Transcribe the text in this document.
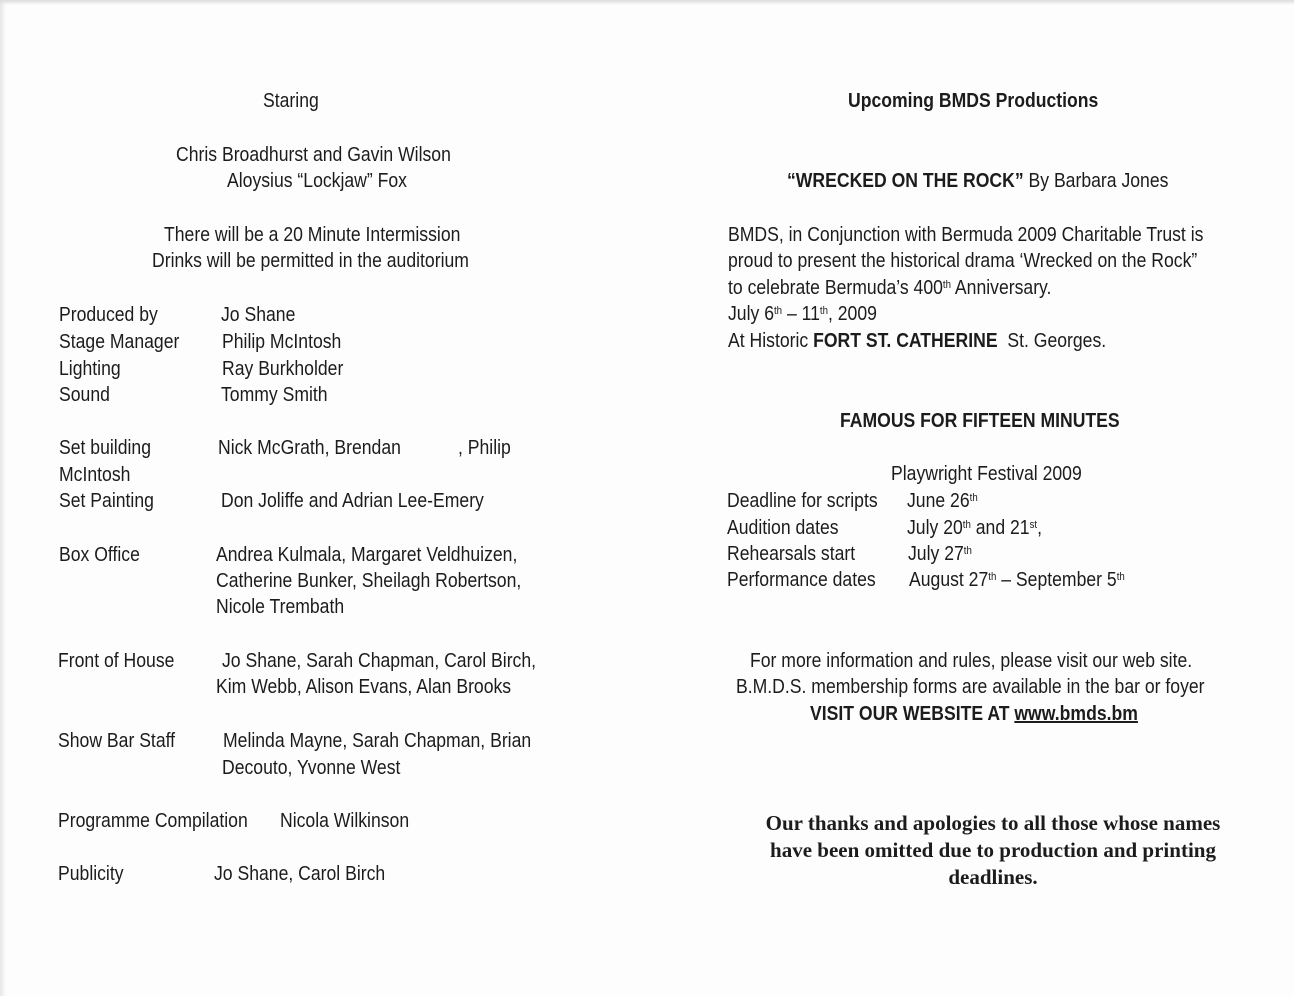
Staring
Chris Broadhurst and Gavin Wilson
Aloysius “Lockjaw” Fox
There will be a 20 Minute Intermission
Drinks will be permitted in the auditorium
Produced by	Jo Shane
Stage Manager Philip McIntosh
Lighting	Ray Burkholder
Sound	Tommy Smith
Set building	Nick McGrath, Brendan	, Philip
McIntosh
Set Painting	Don Joliffe and Adrian Lee-Emery
Box Office	Andrea Kulmala, Margaret Veldhuizen,
Catherine Bunker, Sheilagh Robertson,
Nicole Trembath
Front of House Jo Shane, Sarah Chapman, Carol Birch,
Kim Webb, Alison Evans, Alan Brooks
Show Bar Staff Melinda Mayne, Sarah Chapman, Brian
Decouto, Yvonne West
Programme Compilation Nicola Wilkinson
Publicity	Jo Shane, Carol Birch
Upcoming BMDS Productions
“WRECKED ON THE ROCK” By Barbara Jones
BMDS, in Conjunction with Bermuda 2009 Charitable Trust is
proud to present the historical drama ‘Wrecked on the Rock”
to celebrate Bermuda’s 400th Anniversary.
July 6th – 11th, 2009
At Historic FORT ST. CATHERINE  St. Georges.
FAMOUS FOR FIFTEEN MINUTES
Playwright Festival 2009
Deadline for scripts June 26th
Audition dates	July 20th and 21st,
Rehearsals start	July 27th
Performance dates August 27th – September 5th
For more information and rules, please visit our web site.
B.M.D.S. membership forms are available in the bar or foyer
VISIT OUR WEBSITE AT www.bmds.bm
Our thanks and apologies to all those whose names
have been omitted due to production and printing
deadlines.
